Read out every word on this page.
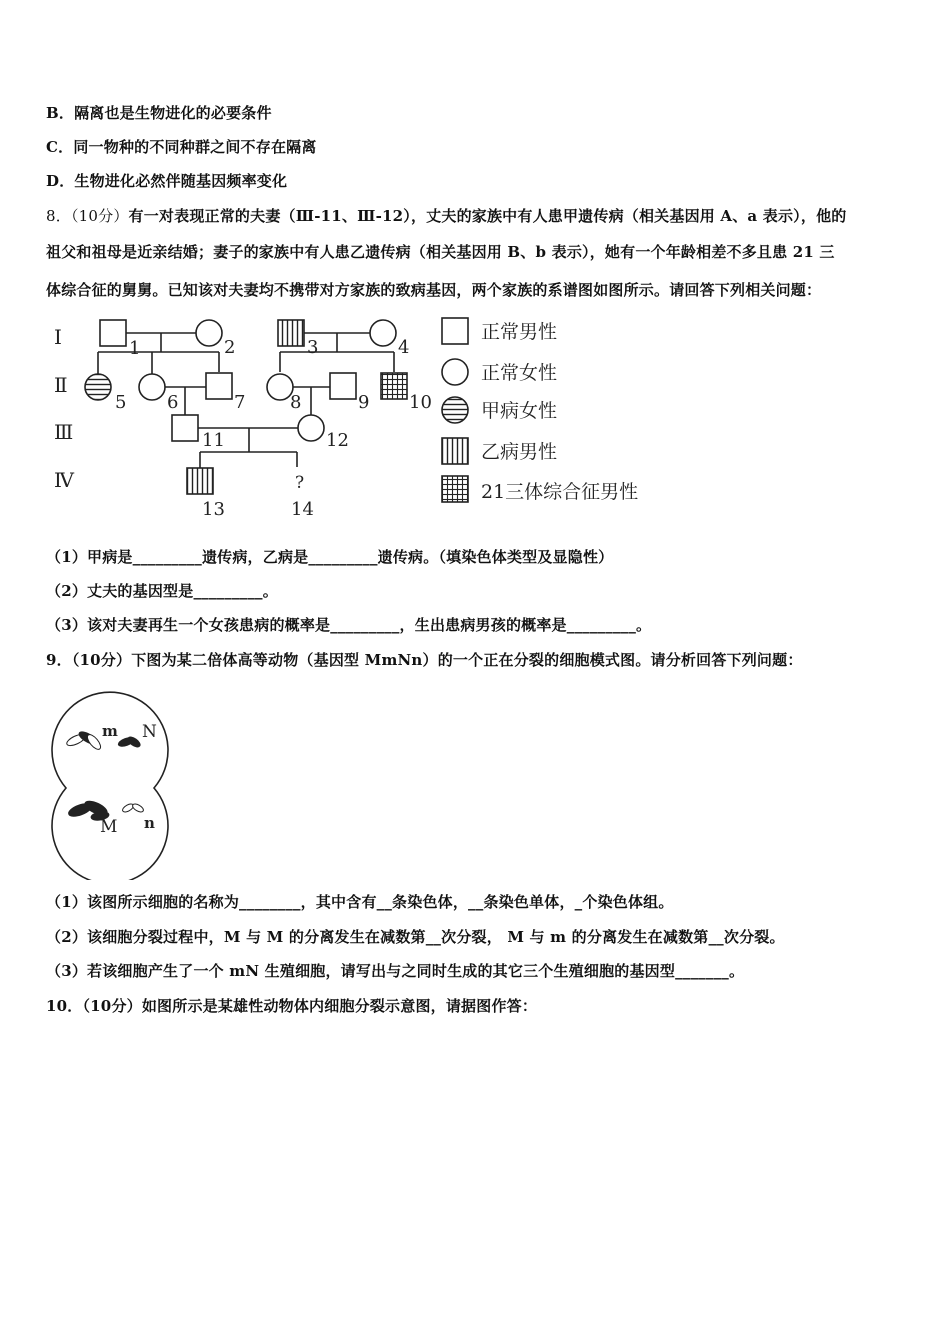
B．隔离也是生物进化的必要条件
C．同一物种的不同种群之间不存在隔离
D．生物进化必然伴随基因频率变化
8．（10分）有一对表现正常的夫妻（Ⅲ-11、Ⅲ-12），丈夫的家族中有人患甲遗传病（相关基因用 A、a 表示），他的
祖父和祖母是近亲结婚；妻子的家族中有人患乙遗传病（相关基因用 B、b 表示），她有一个年龄相差不多且患 21 三
体综合征的舅舅。已知该对夫妻均不携带对方家族的致病基因，两个家族的系谱图如图所示。请回答下列相关问题：
Ⅰ
Ⅱ
Ⅲ
Ⅳ	?
1	2	3	4
5 6	7 8	9 10
11	12
13	14
正常男性
正常女性
甲病女性
乙病男性
21三体综合征男性
（1）甲病是_________遗传病，乙病是_________遗传病。（填染色体类型及显隐性）
（2）丈夫的基因型是_________。
（3）该对夫妻再生一个女孩患病的概率是_________，生出患病男孩的概率是_________。
9．（10分）下图为某二倍体高等动物（基因型 MmNn）的一个正在分裂的细胞模式图。请分析回答下列问题：
m N
M n
（1）该图所示细胞的名称为________，其中含有__条染色体，__条染色单体，_个染色体组。
（2）该细胞分裂过程中，M 与 M 的分离发生在减数第__次分裂， M 与 m 的分离发生在减数第__次分裂。
（3）若该细胞产生了一个 mN 生殖细胞，请写出与之同时生成的其它三个生殖细胞的基因型_______。
10．（10分）如图所示是某雄性动物体内细胞分裂示意图，请据图作答：
